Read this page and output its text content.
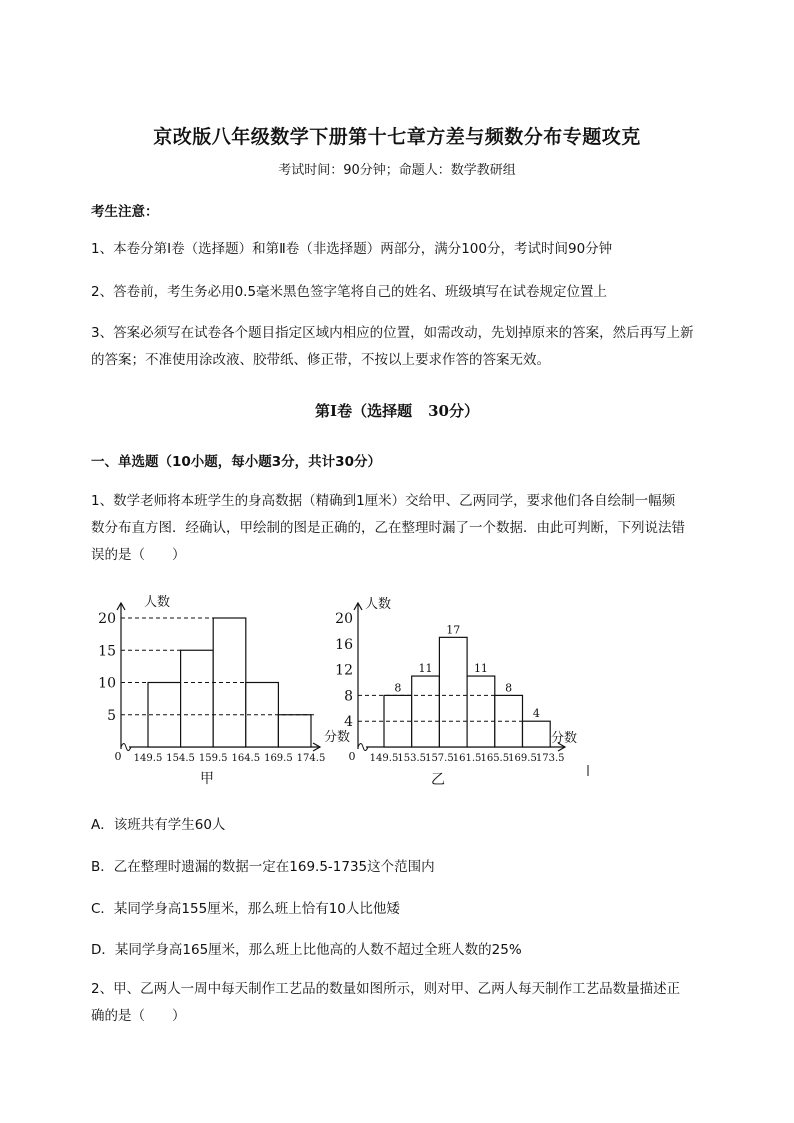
京改版八年级数学下册第十七章方差与频数分布专题攻克
考试时间：90分钟；命题人：数学教研组
考生注意：
1、本卷分第I卷（选择题）和第Ⅱ卷（非选择题）两部分，满分100分，考试时间90分钟
2、答卷前，考生务必用0.5毫米黑色签字笔将自己的姓名、班级填写在试卷规定位置上
3、答案必须写在试卷各个题目指定区域内相应的位置，如需改动，先划掉原来的答案，然后再写上新
的答案；不准使用涂改液、胶带纸、修正带，不按以上要求作答的答案无效。
第I卷（选择题 30分）
一、单选题（10小题，每小题3分，共计30分）
1、数学老师将本班学生的身高数据（精确到1厘米）交给甲、乙两同学，要求他们各自绘制一幅频
数分布直方图．经确认，甲绘制的图是正确的，乙在整理时漏了一个数据．由此可判断，下列说法错
误的是（　　）
5
10
15
20
149.5 154.5 159.5 164.5 169.5 174.5
人数
分数
0
甲
4
8
12
16
20
149.5 153.5 157.5 161.5 165.5 169.5 173.5
8
11
17
11
8
4
人数
分数
0
乙
A．该班共有学生60人
B．乙在整理时遗漏的数据一定在169.5-1735这个范围内
C．某同学身高155厘米，那么班上恰有10人比他矮
D．某同学身高165厘米，那么班上比他高的人数不超过全班人数的25%
2、甲、乙两人一周中每天制作工艺品的数量如图所示，则对甲、乙两人每天制作工艺品数量描述正
确的是（　　）
